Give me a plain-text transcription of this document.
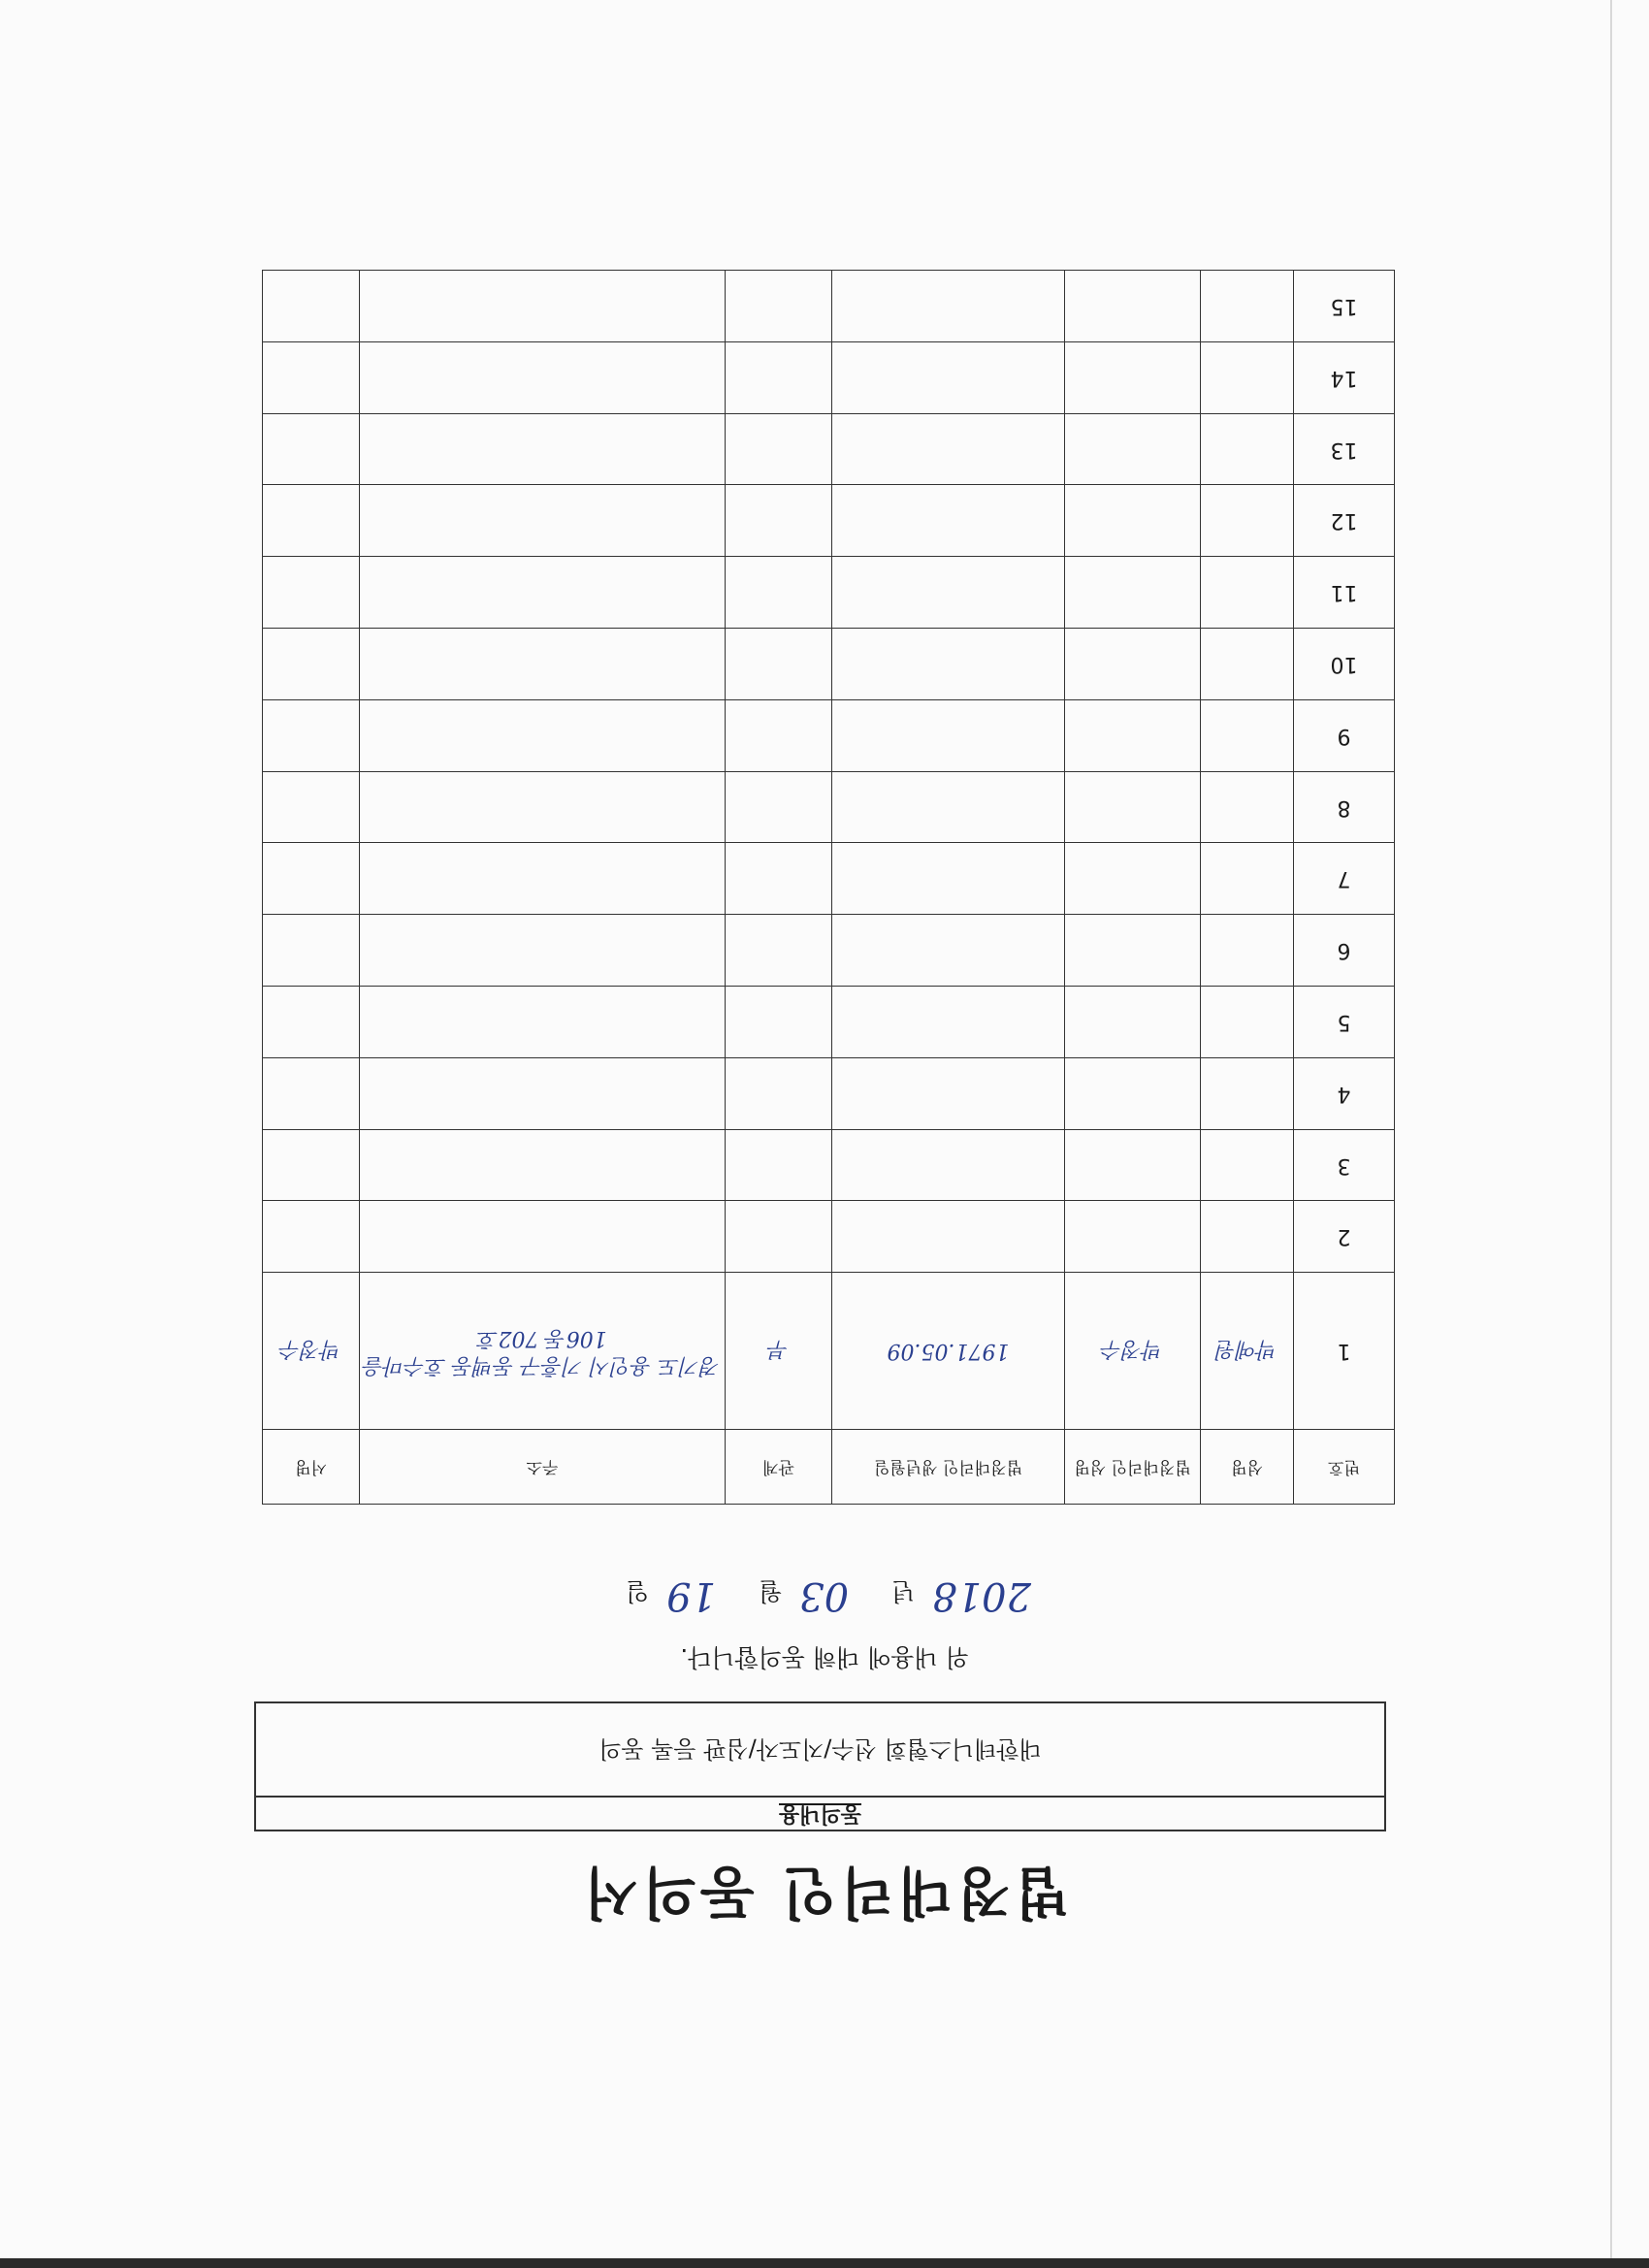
법정대리인 동의서
동의내용
대한테니스협회 선수/지도자/심판 등록 동의
위 내용에 대해 동의합니다.
2018년 03월 19일
번호	성명	법정대리인 성명	법정대리인 생년월일	관계	주소	서명
1	박예원	박정수	1971.05.09	부	경기도 용인시 기흥구 동백동 호수마을 106동 702호	박정수
2						
3						
4						
5						
6						
7						
8						
9						
10						
11						
12						
13						
14						
15						
